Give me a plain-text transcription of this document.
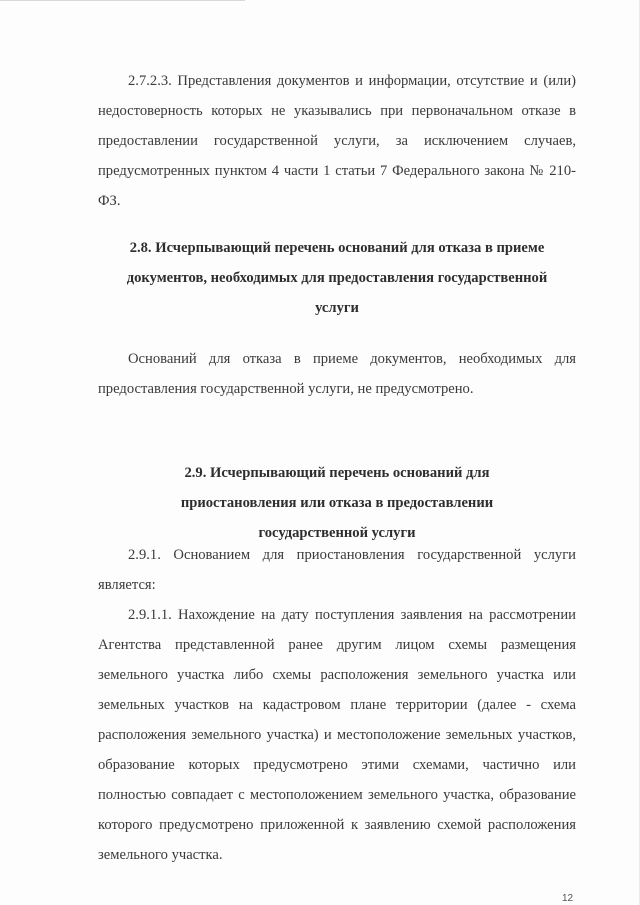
2.7.2.3. Представления документов и информации, отсутствие и (или) недостоверность которых не указывались при первоначальном отказе в предоставлении государственной услуги, за исключением случаев, предусмотренных пунктом 4 части 1 статьи 7 Федерального закона № 210-ФЗ.

2.8. Исчерпывающий перечень оснований для отказа в приеме документов, необходимых для предоставления государственной услуги

Оснований для отказа в приеме документов, необходимых для предоставления государственной услуги, не предусмотрено.

2.9. Исчерпывающий перечень оснований для приостановления или отказа в предоставлении государственной услуги

2.9.1. Основанием для приостановления государственной услуги является:

2.9.1.1. Нахождение на дату поступления заявления на рассмотрении Агентства представленной ранее другим лицом схемы размещения земельного участка либо схемы расположения земельного участка или земельных участков на кадастровом плане территории (далее - схема расположения земельного участка) и местоположение земельных участков, образование которых предусмотрено этими схемами, частично или полностью совпадает с местоположением земельного участка, образование которого предусмотрено приложенной к заявлению схемой расположения земельного участка.

12
